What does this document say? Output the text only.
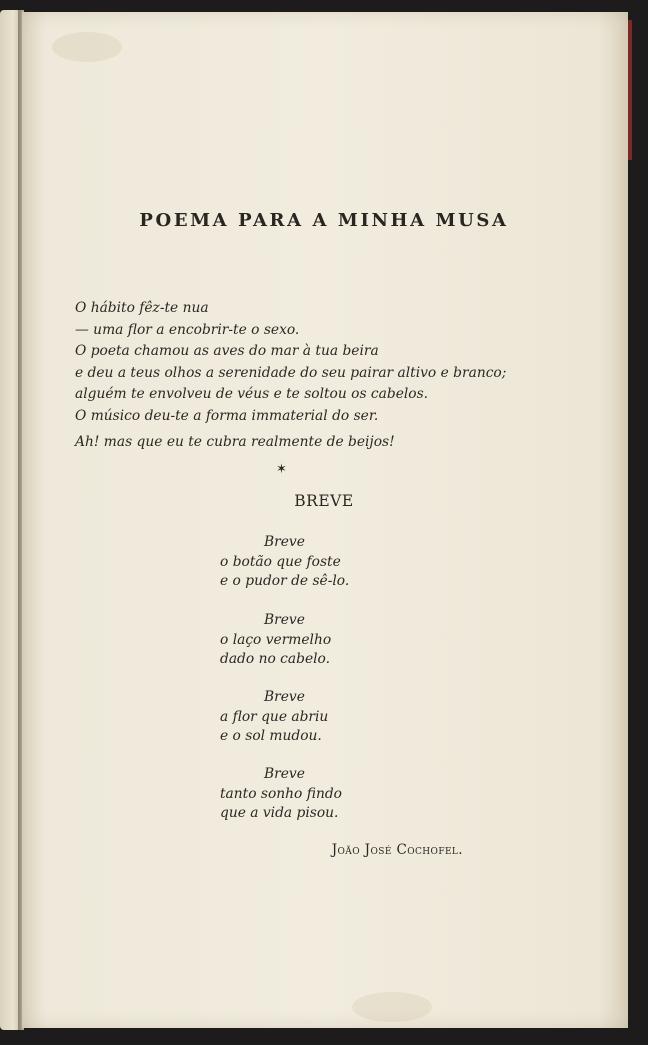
POEMA PARA A MINHA MUSA
O hábito fêz-te nua
— uma flor a encobrir-te o sexo.
O poeta chamou as aves do mar à tua beira
e deu a teus olhos a serenidade do seu pairar altivo e branco;
alguém te envolveu de véus e te soltou os cabelos.
O músico deu-te a forma immaterial do ser.

Ah! mas que eu te cubra realmente de beijos!

✶
BREVE
Breve
o botão que foste
e o pudor de sê-lo.
Breve
o laço vermelho
dado no cabelo.
Breve
a flor que abriu
e o sol mudou.
Breve
tanto sonho findo
que a vida pisou.

João José Cochofel.
